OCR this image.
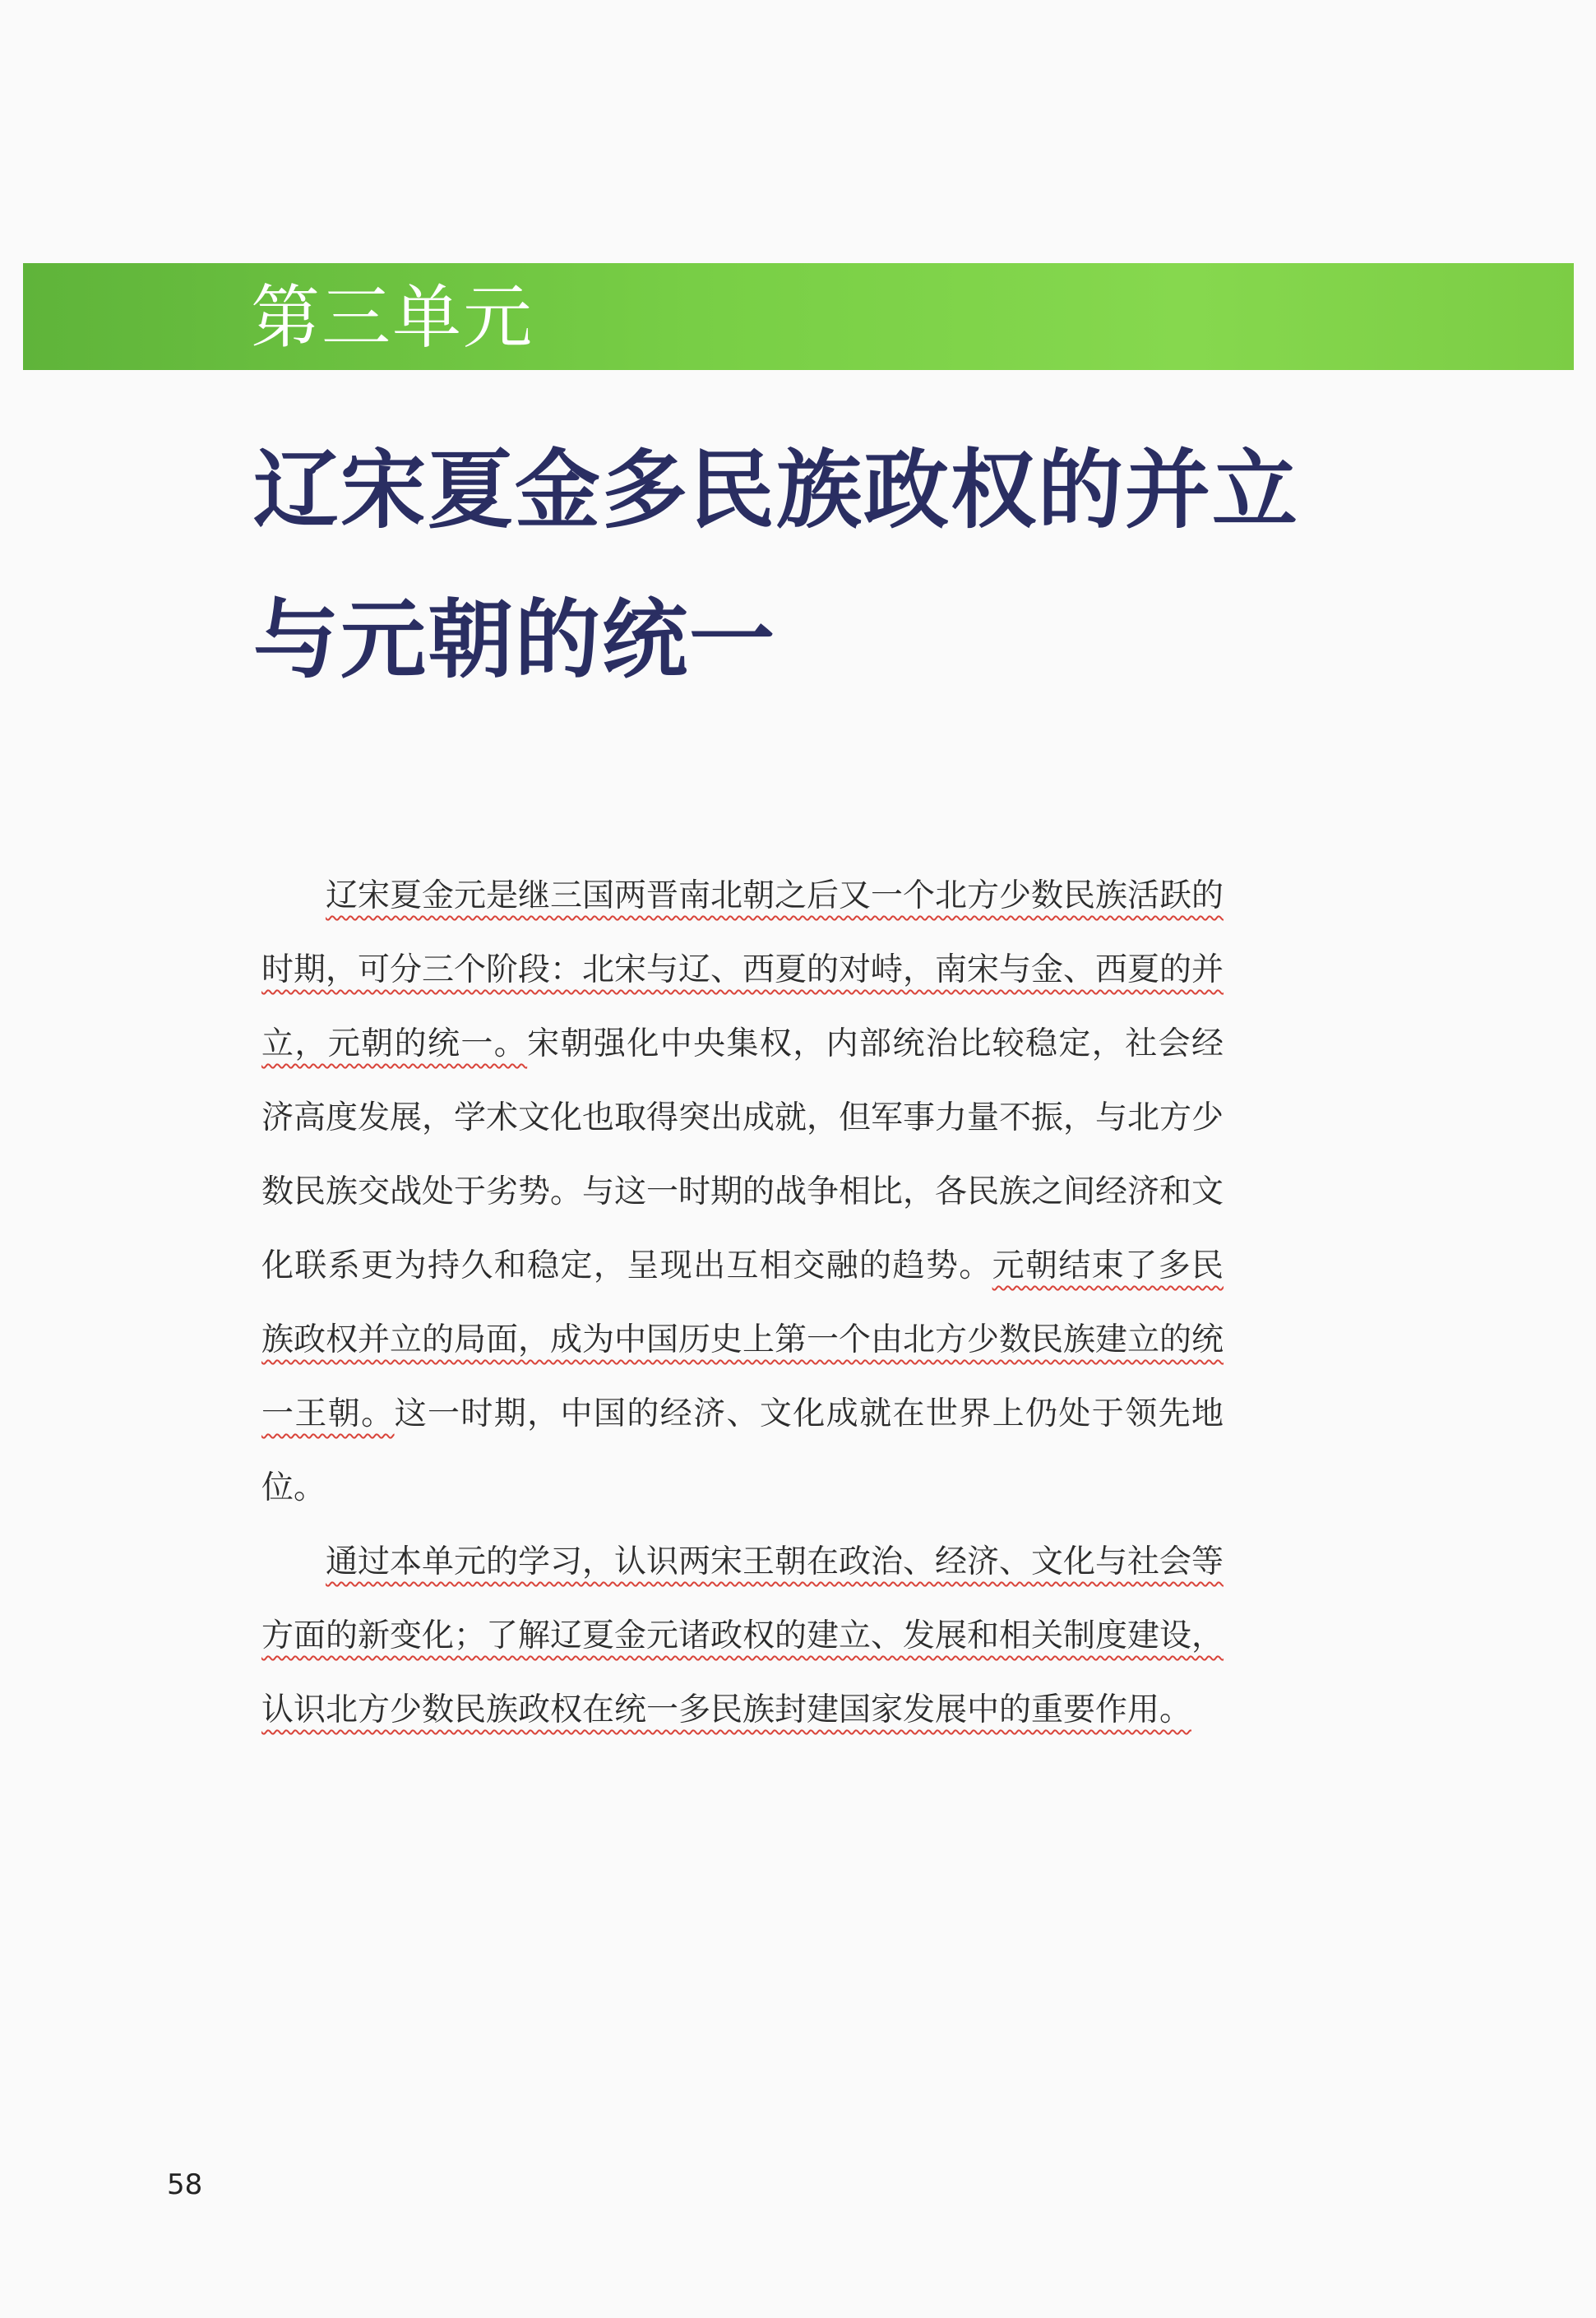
第三单元
辽宋夏金多民族政权的并立
与元朝的统一

辽宋夏金元是继三国两晋南北朝之后又一个北方少数民族活跃的时期，可分三个阶段：北宋与辽、西夏的对峙，南宋与金、西夏的并立，元朝的统一。宋朝强化中央集权，内部统治比较稳定，社会经济高度发展，学术文化也取得突出成就，但军事力量不振，与北方少数民族交战处于劣势。与这一时期的战争相比，各民族之间经济和文化联系更为持久和稳定，呈现出互相交融的趋势。元朝结束了多民族政权并立的局面，成为中国历史上第一个由北方少数民族建立的统一王朝。这一时期，中国的经济、文化成就在世界上仍处于领先地位。

通过本单元的学习，认识两宋王朝在政治、经济、文化与社会等方面的新变化；了解辽夏金元诸政权的建立、发展和相关制度建设，认识北方少数民族政权在统一多民族封建国家发展中的重要作用。

58
